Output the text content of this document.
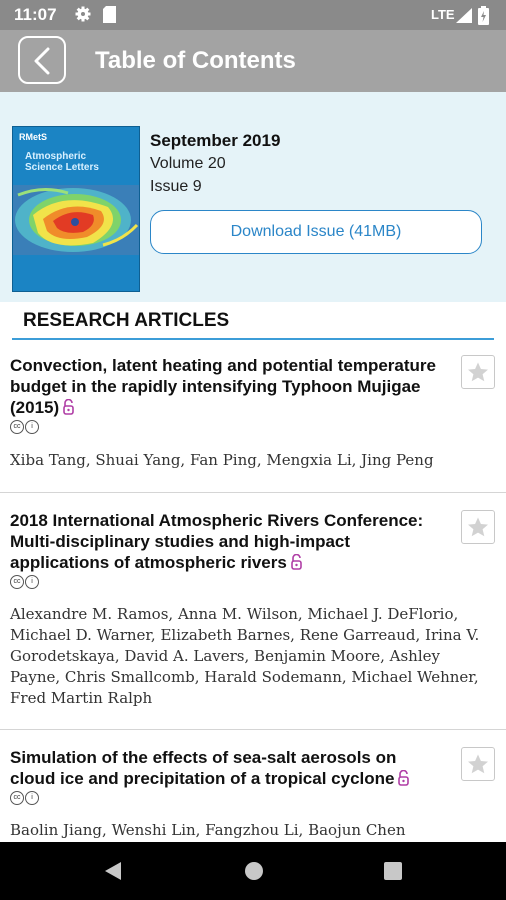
11:07	LTE
Table of Contents
RMetS
Atmospheric
Science Letters
September 2019
Volume 20
Issue 9
Download Issue (41MB)
RESEARCH ARTICLES
Convection, latent heating and potential temperature budget in the rapidly intensifying Typhoon Mujigae (2015)
cc i
Xiba Tang, Shuai Yang, Fan Ping, Mengxia Li, Jing Peng
2018 International Atmospheric Rivers Conference: Multi-disciplinary studies and high-impact applications of atmospheric rivers
cc i
Alexandre M. Ramos, Anna M. Wilson, Michael J. DeFlorio, Michael D. Warner, Elizabeth Barnes, Rene Garreaud, Irina V. Gorodetskaya, David A. Lavers, Benjamin Moore, Ashley Payne, Chris Smallcomb, Harald Sodemann, Michael Wehner, Fred Martin Ralph
Simulation of the effects of sea-salt aerosols on cloud ice and precipitation of a tropical cyclone
cc i
Baolin Jiang, Wenshi Lin, Fangzhou Li, Baojun Chen
